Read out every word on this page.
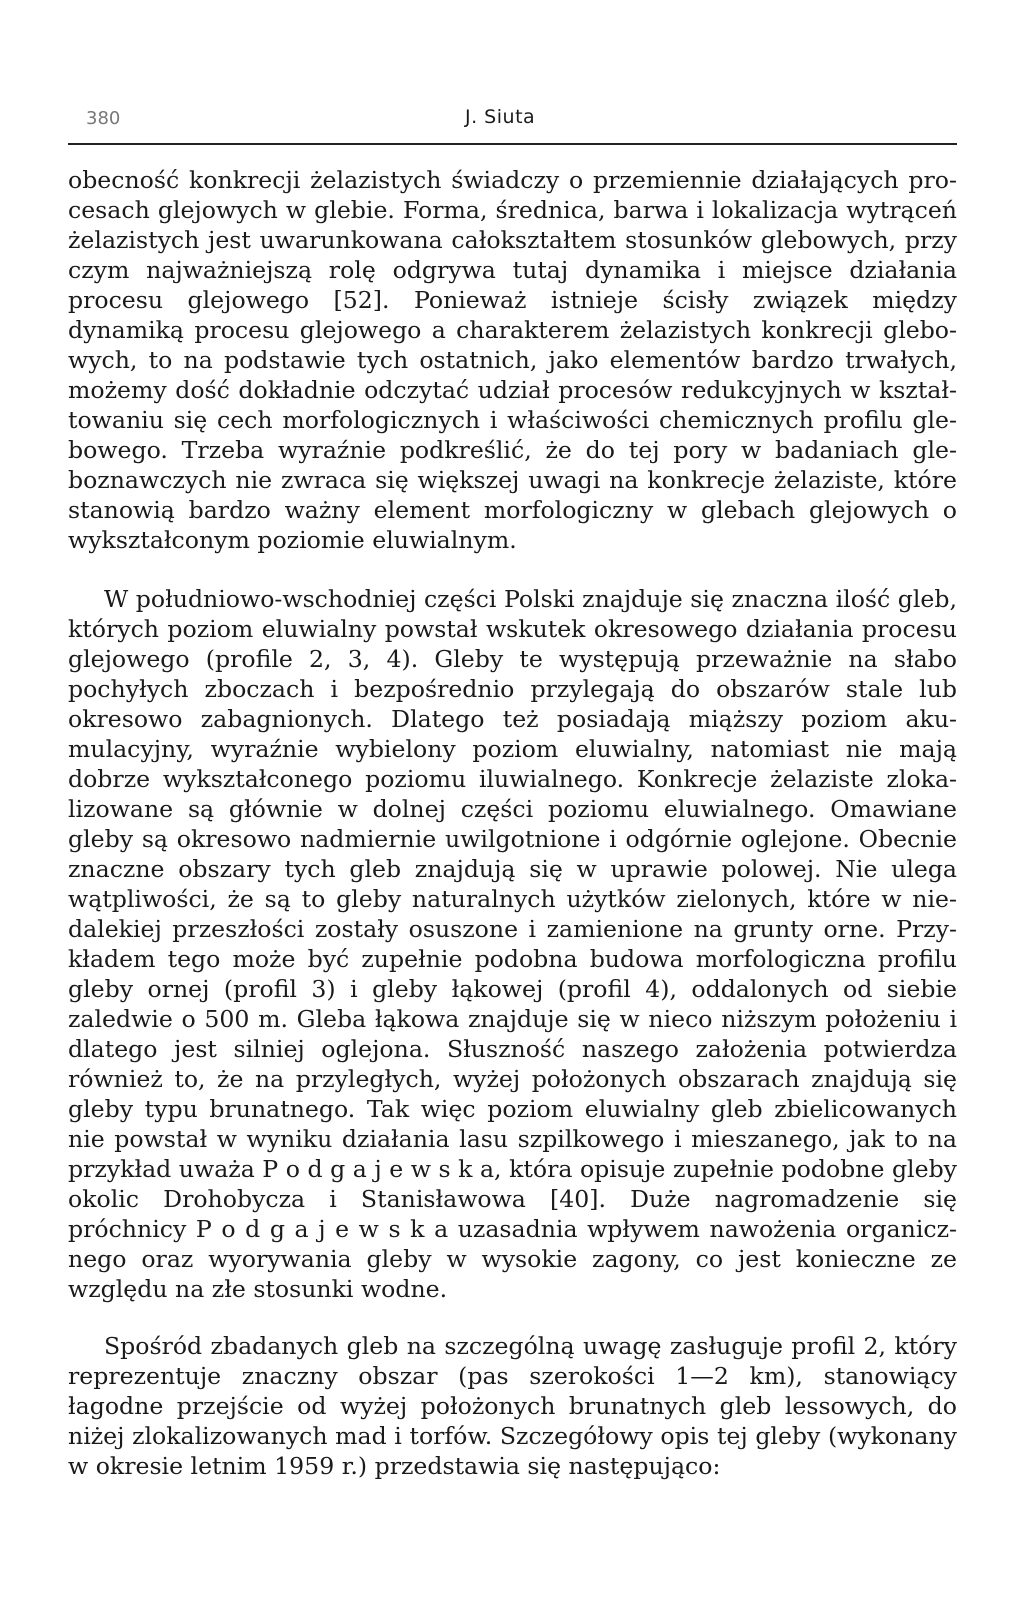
380	J. Siuta

obecność konkrecji żelazistych świadczy o przemiennie działających procesach glejowych w glebie. Forma, średnica, barwa i lokalizacja wytrąceń żelazistych jest uwarunkowana całokształtem stosunków glebowych, przy czym najważniejszą rolę odgrywa tutaj dynamika i miejsce działania procesu glejowego [52]. Ponieważ istnieje ścisły związek między dynamiką procesu glejowego a charakterem żelazistych konkrecji glebowych, to na podstawie tych ostatnich, jako elementów bardzo trwałych, możemy dość dokładnie odczytać udział procesów redukcyjnych w kształtowaniu się cech morfologicznych i właściwości chemicznych profilu glebowego. Trzeba wyraźnie podkreślić, że do tej pory w badaniach gleboznawczych nie zwraca się większej uwagi na konkrecje żelaziste, które stanowią bardzo ważny element morfologiczny w glebach glejowych o wykształconym poziomie eluwialnym.

W południowo-wschodniej części Polski znajduje się znaczna ilość gleb, których poziom eluwialny powstał wskutek okresowego działania procesu glejowego (profile 2, 3, 4). Gleby te występują przeważnie na słabo pochyłych zboczach i bezpośrednio przylegają do obszarów stale lub okresowo zabagnionych. Dlatego też posiadają miąższy poziom akumulacyjny, wyraźnie wybielony poziom eluwialny, natomiast nie mają dobrze wykształconego poziomu iluwialnego. Konkrecje żelaziste zlokalizowane są głównie w dolnej części poziomu eluwialnego. Omawiane gleby są okresowo nadmiernie uwilgotnione i odgórnie oglejone. Obecnie znaczne obszary tych gleb znajdują się w uprawie polowej. Nie ulega wątpliwości, że są to gleby naturalnych użytków zielonych, które w niedalekiej przeszłości zostały osuszone i zamienione na grunty orne. Przykładem tego może być zupełnie podobna budowa morfologiczna profilu gleby ornej (profil 3) i gleby łąkowej (profil 4), oddalonych od siebie zaledwie o 500 m. Gleba łąkowa znajduje się w nieco niższym położeniu i dlatego jest silniej oglejona. Słuszność naszego założenia potwierdza również to, że na przyległych, wyżej położonych obszarach znajdują się gleby typu brunatnego. Tak więc poziom eluwialny gleb zbielicowanych nie powstał w wyniku działania lasu szpilkowego i mieszanego, jak to na przykład uważa P o d g a j e w s k a, która opisuje zupełnie podobne gleby okolic Drohobycza i Stanisławowa [40]. Duże nagromadzenie się próchnicy P o d g a j e w s k a uzasadnia wpływem nawożenia organicznego oraz wyorywania gleby w wysokie zagony, co jest konieczne ze względu na złe stosunki wodne.

Spośród zbadanych gleb na szczególną uwagę zasługuje profil 2, który reprezentuje znaczny obszar (pas szerokości 1—2 km), stanowiący łagodne przejście od wyżej położonych brunatnych gleb lessowych, do niżej zlokalizowanych mad i torfów. Szczegółowy opis tej gleby (wykonany w okresie letnim 1959 r.) przedstawia się następująco:
